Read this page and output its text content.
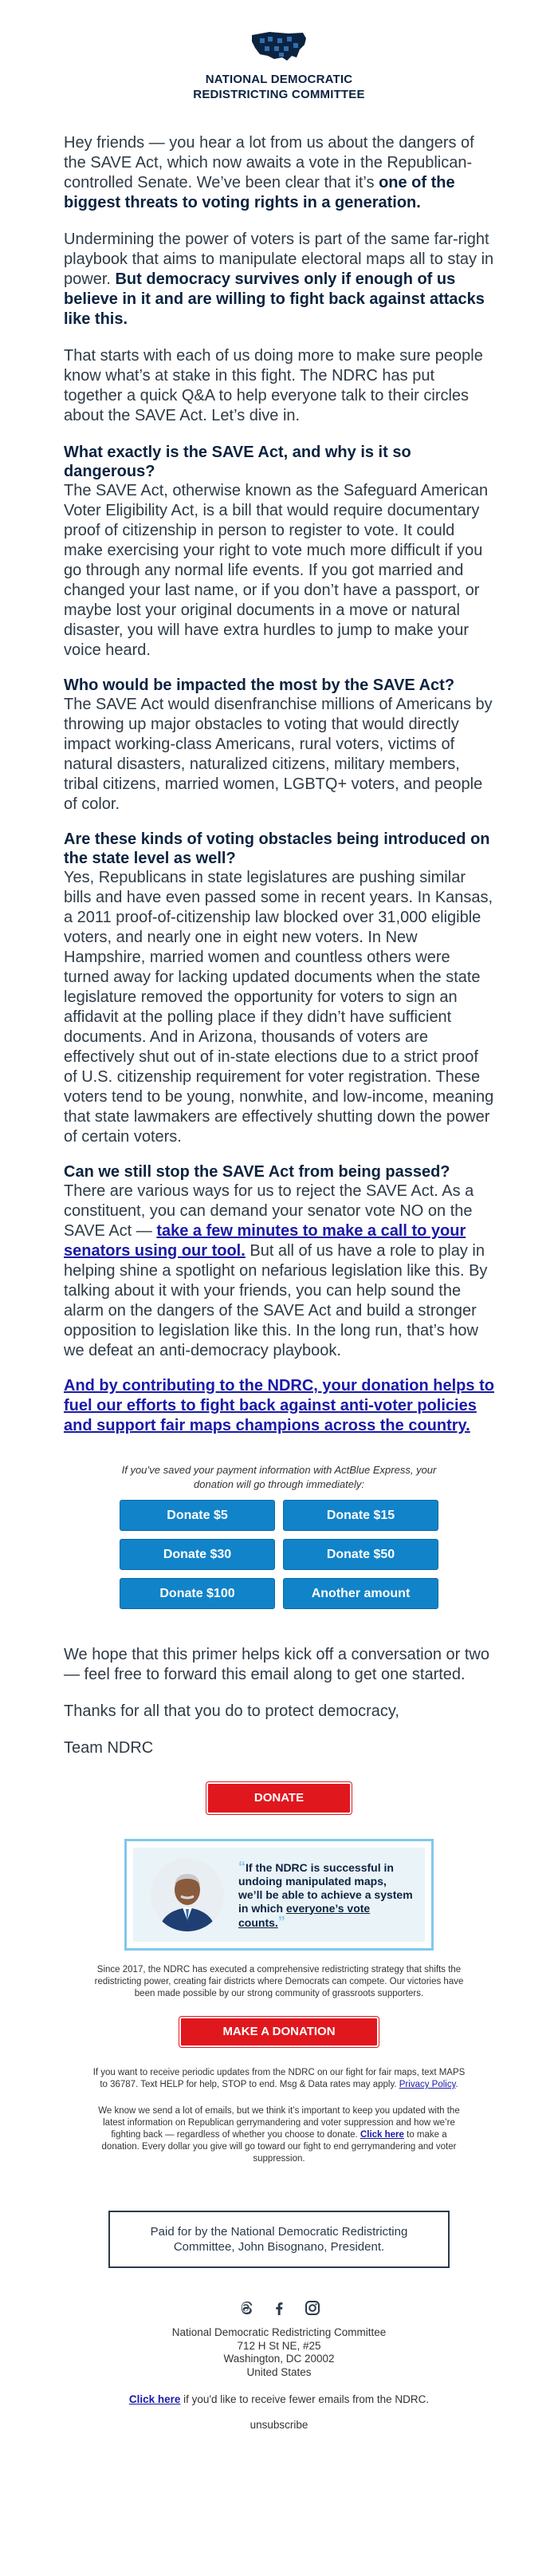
NATIONAL DEMOCRATIC
REDISTRICTING COMMITTEE

Hey friends — you hear a lot from us about the dangers of the SAVE Act, which now awaits a vote in the Republican-controlled Senate. We’ve been clear that it’s one of the biggest threats to voting rights in a generation.

Undermining the power of voters is part of the same far-right playbook that aims to manipulate electoral maps all to stay in power. But democracy survives only if enough of us believe in it and are willing to fight back against attacks like this.

That starts with each of us doing more to make sure people know what’s at stake in this fight. The NDRC has put together a quick Q&A to help everyone talk to their circles about the SAVE Act. Let’s dive in.

What exactly is the SAVE Act, and why is it so dangerous?

The SAVE Act, otherwise known as the Safeguard American Voter Eligibility Act, is a bill that would require documentary proof of citizenship in person to register to vote. It could make exercising your right to vote much more difficult if you go through any normal life events. If you got married and changed your last name, or if you don’t have a passport, or maybe lost your original documents in a move or natural disaster, you will have extra hurdles to jump to make your voice heard.

Who would be impacted the most by the SAVE Act?

The SAVE Act would disenfranchise millions of Americans by throwing up major obstacles to voting that would directly impact working-class Americans, rural voters, victims of natural disasters, naturalized citizens, military members, tribal citizens, married women, LGBTQ+ voters, and people of color.

Are these kinds of voting obstacles being introduced on the state level as well?

Yes, Republicans in state legislatures are pushing similar bills and have even passed some in recent years. In Kansas, a 2011 proof-of-citizenship law blocked over 31,000 eligible voters, and nearly one in eight new voters. In New Hampshire, married women and countless others were turned away for lacking updated documents when the state legislature removed the opportunity for voters to sign an affidavit at the polling place if they didn’t have sufficient documents. And in Arizona, thousands of voters are effectively shut out of in-state elections due to a strict proof of U.S. citizenship requirement for voter registration. These voters tend to be young, nonwhite, and low-income, meaning that state lawmakers are effectively shutting down the power of certain voters.

Can we still stop the SAVE Act from being passed?

There are various ways for us to reject the SAVE Act. As a constituent, you can demand your senator vote NO on the SAVE Act — take a few minutes to make a call to your senators using our tool. But all of us have a role to play in helping shine a spotlight on nefarious legislation like this. By talking about it with your friends, you can help sound the alarm on the dangers of the SAVE Act and build a stronger opposition to legislation like this. In the long run, that’s how we defeat an anti-democracy playbook.

And by contributing to the NDRC, your donation helps to fuel our efforts to fight back against anti-voter policies and support fair maps champions across the country.
If you’ve saved your payment information with ActBlue Express, your donation will go through immediately:
Donate $5	Donate $15
Donate $30	Donate $50
Donate $100	Another amount

We hope that this primer helps kick off a conversation or two — feel free to forward this email along to get one started.

Thanks for all that you do to protect democracy,

Team NDRC

DONATE
“If the NDRC is successful in undoing manipulated maps, we’ll be able to achieve a system in which everyone’s vote counts.”
Since 2017, the NDRC has executed a comprehensive redistricting strategy that shifts the redistricting power, creating fair districts where Democrats can compete. Our victories have been made possible by our strong community of grassroots supporters.
MAKE A DONATION
If you want to receive periodic updates from the NDRC on our fight for fair maps, text MAPS to 36787. Text HELP for help, STOP to end. Msg & Data rates may apply. Privacy Policy.
We know we send a lot of emails, but we think it’s important to keep you updated with the latest information on Republican gerrymandering and voter suppression and how we’re fighting back — regardless of whether you choose to donate. Click here to make a donation. Every dollar you give will go toward our fight to end gerrymandering and voter suppression.
Paid for by the National Democratic Redistricting Committee, John Bisognano, President.

National Democratic Redistricting Committee
712 H St NE, #25
Washington, DC 20002
United States
Click here if you'd like to receive fewer emails from the NDRC.
unsubscribe
